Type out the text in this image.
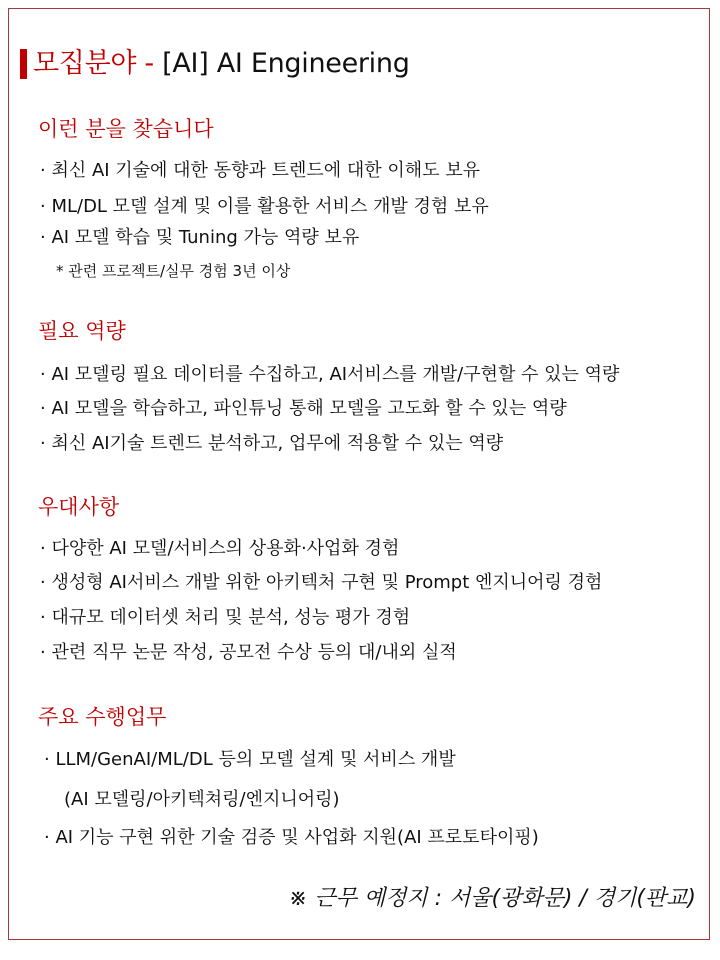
모집분야 - [AI] AI Engineering
이런 분을 찾습니다
· 최신 AI 기술에 대한 동향과 트렌드에 대한 이해도 보유
· ML/DL 모델 설계 및 이를 활용한 서비스 개발 경험 보유
· AI 모델 학습 및 Tuning 가능 역량 보유
* 관련 프로젝트/실무 경험 3년 이상
필요 역량
· AI 모델링 필요 데이터를 수집하고, AI서비스를 개발/구현할 수 있는 역량
· AI 모델을 학습하고, 파인튜닝 통해 모델을 고도화 할 수 있는 역량
· 최신 AI기술 트렌드 분석하고, 업무에 적용할 수 있는 역량
우대사항
· 다양한 AI 모델/서비스의 상용화·사업화 경험
· 생성형 AI서비스 개발 위한 아키텍처 구현 및 Prompt 엔지니어링 경험
· 대규모 데이터셋 처리 및 분석, 성능 평가 경험
· 관련 직무 논문 작성, 공모전 수상 등의 대/내외 실적
주요 수행업무
· LLM/GenAI/ML/DL 등의 모델 설계 및 서비스 개발
(AI 모델링/아키텍쳐링/엔지니어링)
· AI 기능 구현 위한 기술 검증 및 사업화 지원(AI 프로토타이핑)
※ 근무 예정지 : 서울(광화문) / 경기(판교)
